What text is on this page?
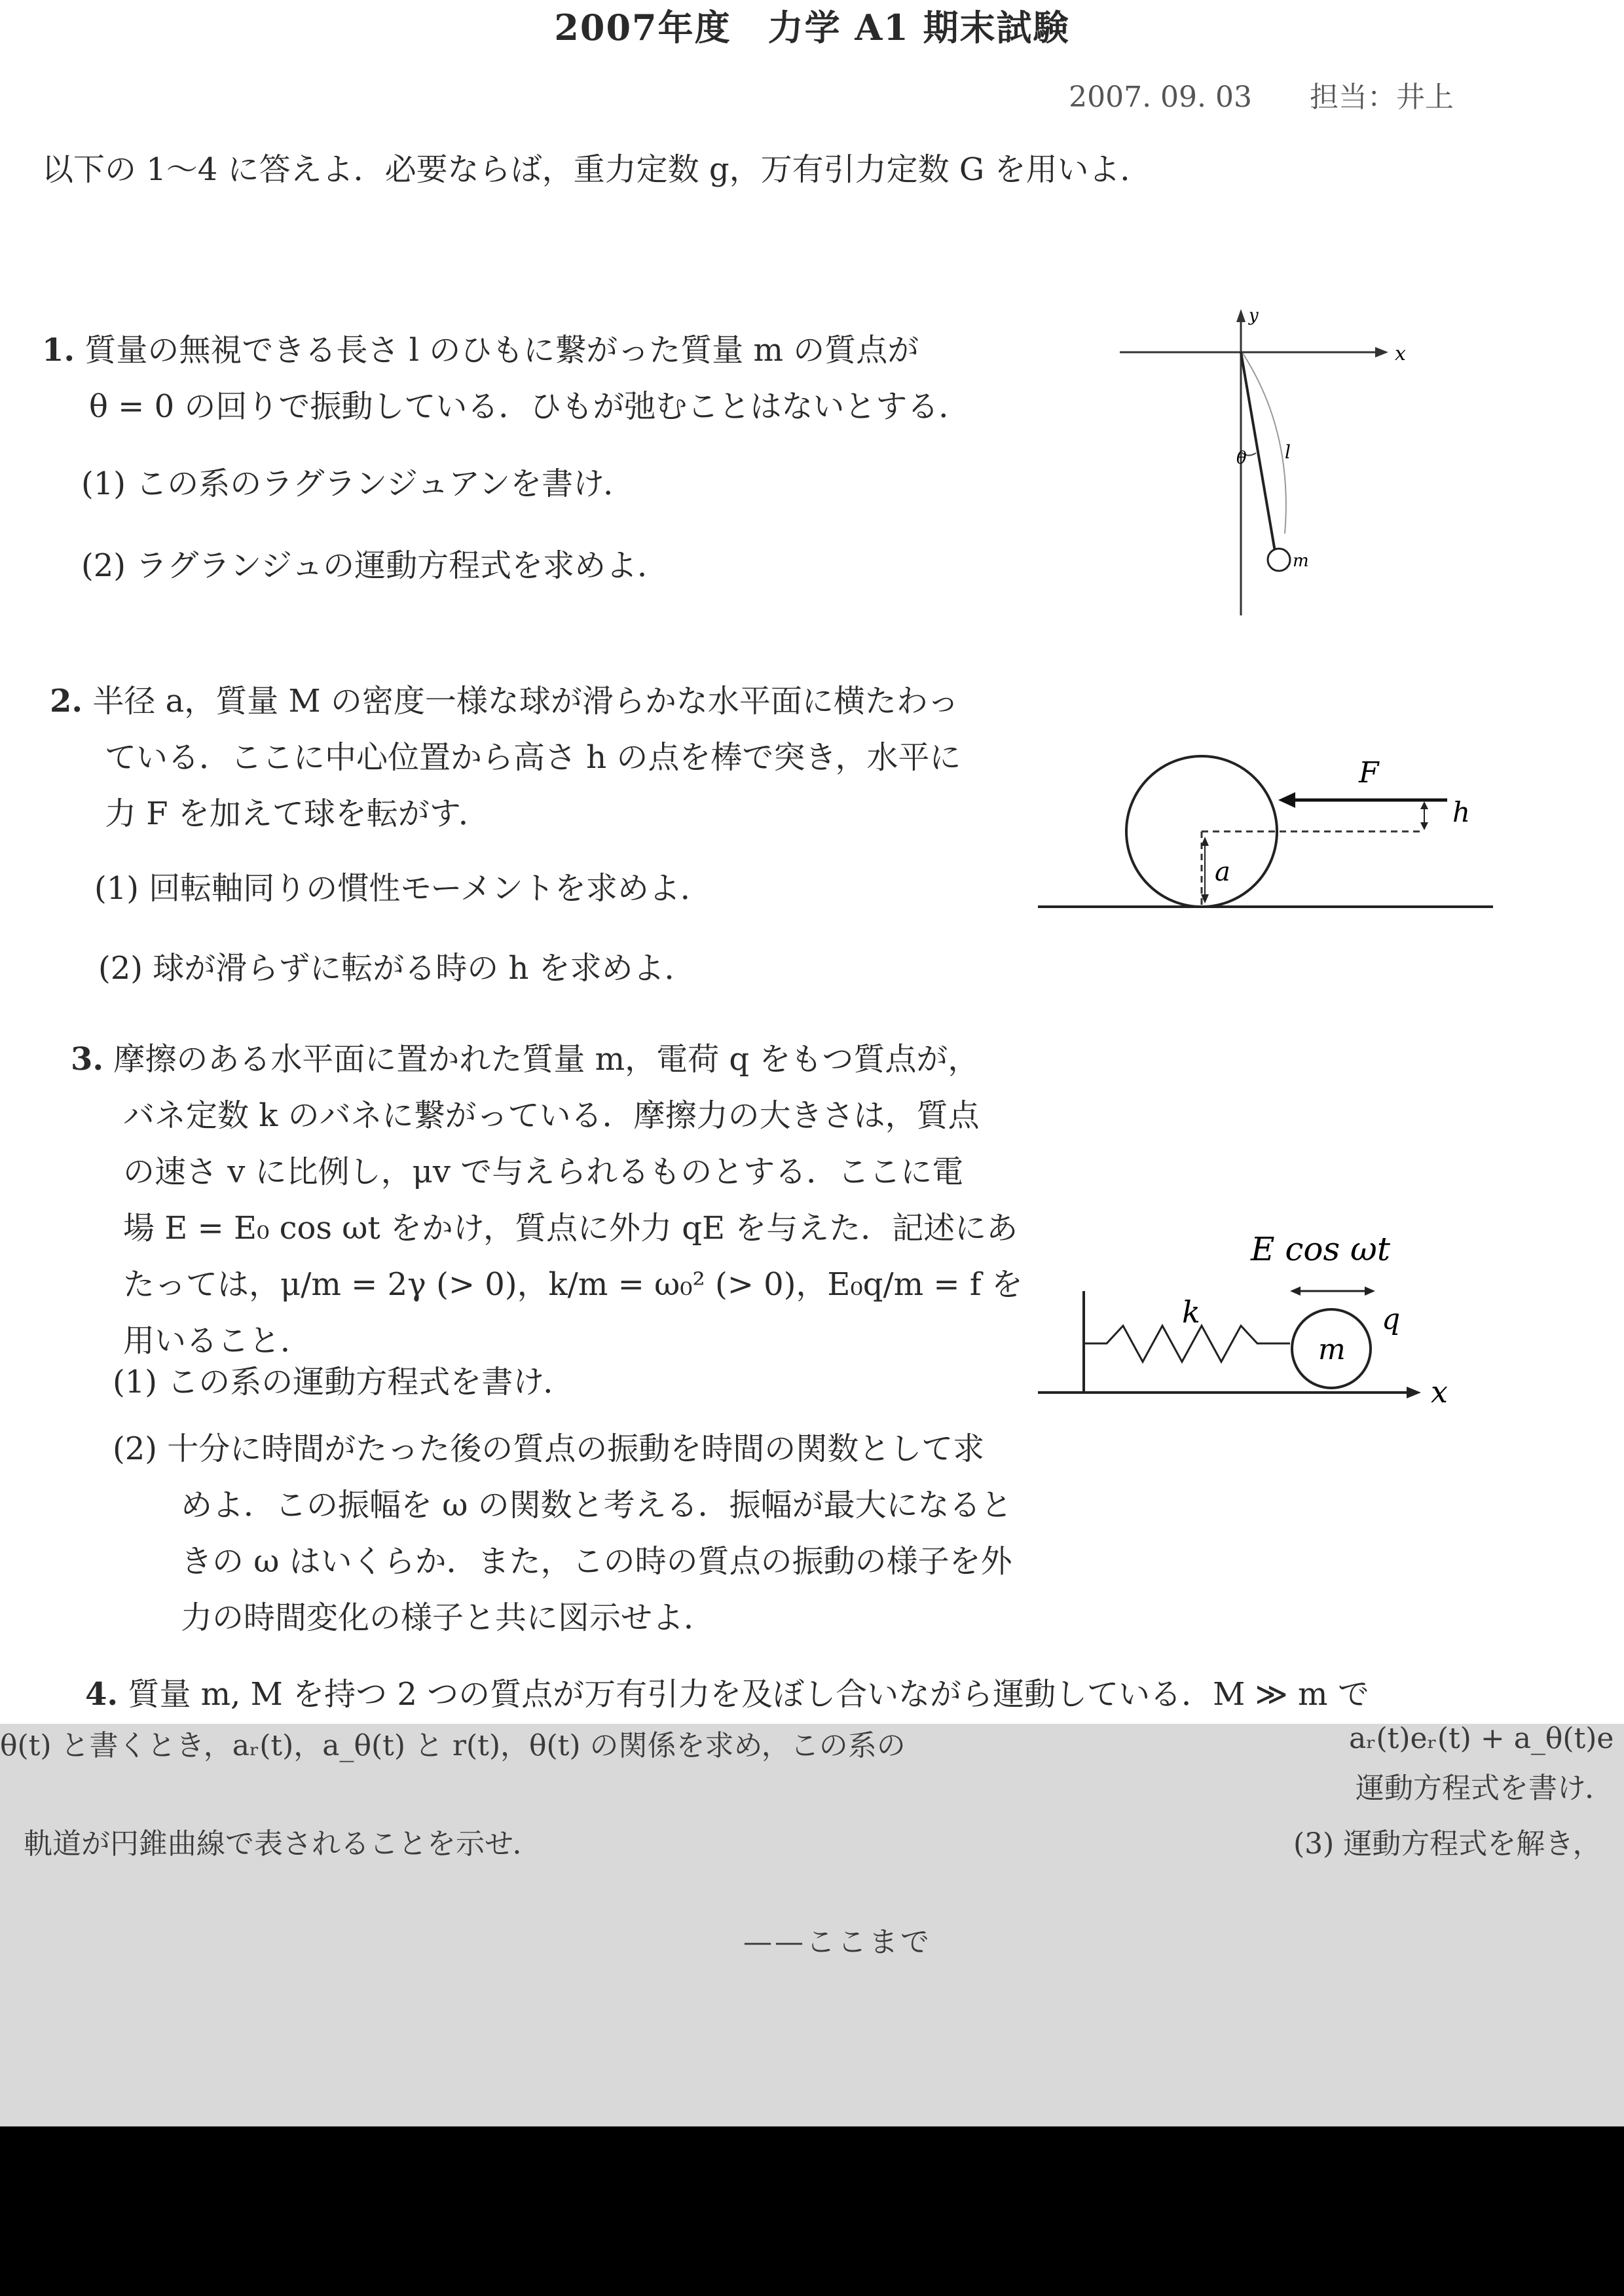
2007年度　力学 A1 期末試験
2007. 09. 03 担当：井上
以下の 1〜4 に答えよ．必要ならば，重力定数 g，万有引力定数 G を用いよ．
1. 質量の無視できる長さ l のひもに繋がった質量 m の質点が
θ = 0 の回りで振動している．ひもが弛むことはないとする．
(1) この系のラグランジュアンを書け．
(2) ラグランジュの運動方程式を求めよ．
x
y
θ l
m
2. 半径 a，質量 M の密度一様な球が滑らかな水平面に横たわっ
ている．ここに中心位置から高さ h の点を棒で突き，水平に
力 F を加えて球を転がす．
(1) 回転軸同りの慣性モーメントを求めよ．
(2) 球が滑らずに転がる時の h を求めよ．
a
F
h
3. 摩擦のある水平面に置かれた質量 m，電荷 q をもつ質点が，
バネ定数 k のバネに繋がっている．摩擦力の大きさは，質点
の速さ v に比例し，μv で与えられるものとする．ここに電
場 E = E₀ cos ωt をかけ，質点に外力 qE を与えた．記述にあ
たっては，μ/m = 2γ (> 0)，k/m = ω₀² (> 0)，E₀q/m = f を
用いること．
(1) この系の運動方程式を書け．
(2) 十分に時間がたった後の質点の振動を時間の関数として求
めよ．この振幅を ω の関数と考える．振幅が最大になると
きの ω はいくらか．また，この時の質点の振動の様子を外
力の時間変化の様子と共に図示せよ．
E cos ωt
x
k
m
q
4. 質量 m, M を持つ 2 つの質点が万有引力を及ぼし合いながら運動している．M ≫ m で
θ(t) と書くとき，aᵣ(t)，a_θ(t) と r(t)，θ(t) の関係を求め，この系の	aᵣ(t)eᵣ(t) + a_θ(t)e
運動方程式を書け．
軌道が円錐曲線で表されることを示せ．	(3) 運動方程式を解き，
——ここまで
